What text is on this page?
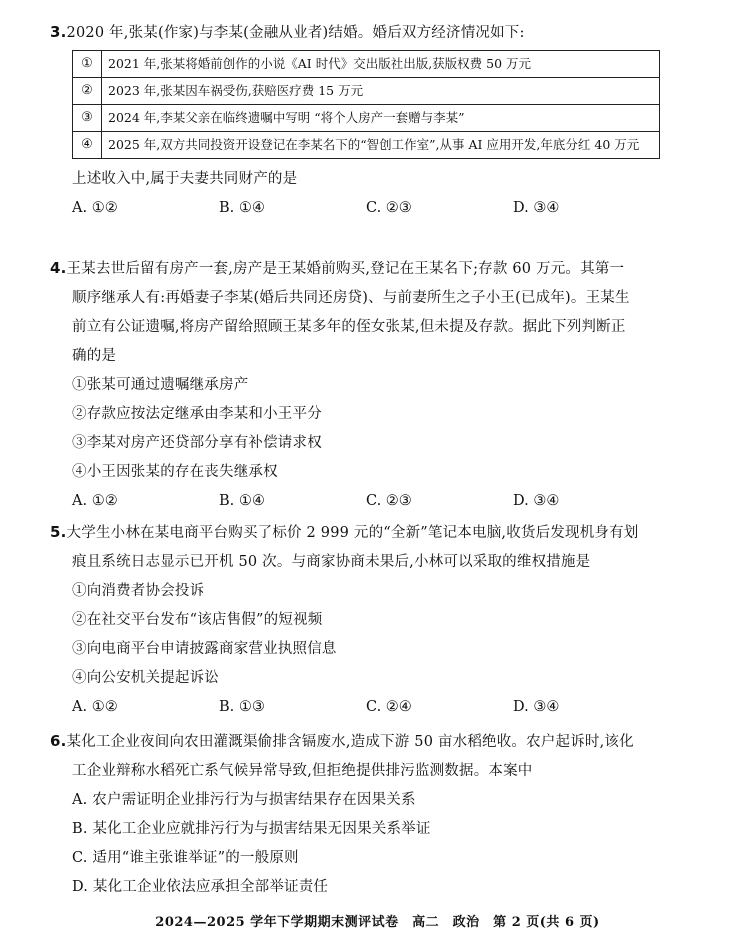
3.2020 年,张某(作家)与李某(金融从业者)结婚。婚后双方经济情况如下:

①	2021 年,张某将婚前创作的小说《AI 时代》交出版社出版,获版权费 50 万元
②	2023 年,张某因车祸受伤,获赔医疗费 15 万元
③	2024 年,李某父亲在临终遗嘱中写明 “将个人房产一套赠与李某”
④	2025 年,双方共同投资开设登记在李某名下的“智创工作室”,从事 AI 应用开发,年底分红 40 万元

上述收入中,属于夫妻共同财产的是

A. ①②	B. ①④	C. ②③	D. ③④

4.王某去世后留有房产一套,房产是王某婚前购买,登记在王某名下;存款 60 万元。其第一

顺序继承人有:再婚妻子李某(婚后共同还房贷)、与前妻所生之子小王(已成年)。王某生

前立有公证遗嘱,将房产留给照顾王某多年的侄女张某,但未提及存款。据此下列判断正

确的是

①张某可通过遗嘱继承房产

②存款应按法定继承由李某和小王平分

③李某对房产还贷部分享有补偿请求权

④小王因张某的存在丧失继承权

A. ①②	B. ①④	C. ②③	D. ③④

5.大学生小林在某电商平台购买了标价 2 999 元的“全新”笔记本电脑,收货后发现机身有划

痕且系统日志显示已开机 50 次。与商家协商未果后,小林可以采取的维权措施是

①向消费者协会投诉

②在社交平台发布“该店售假”的短视频

③向电商平台申请披露商家营业执照信息

④向公安机关提起诉讼

A. ①②	B. ①③	C. ②④	D. ③④

6.某化工企业夜间向农田灌溉渠偷排含镉废水,造成下游 50 亩水稻绝收。农户起诉时,该化

工企业辩称水稻死亡系气候异常导致,但拒绝提供排污监测数据。本案中

A. 农户需证明企业排污行为与损害结果存在因果关系

B. 某化工企业应就排污行为与损害结果无因果关系举证

C. 适用“谁主张谁举证”的一般原则

D. 某化工企业依法应承担全部举证责任

2024—2025 学年下学期期末测评试卷　高二　政治　第 2 页(共 6 页)
